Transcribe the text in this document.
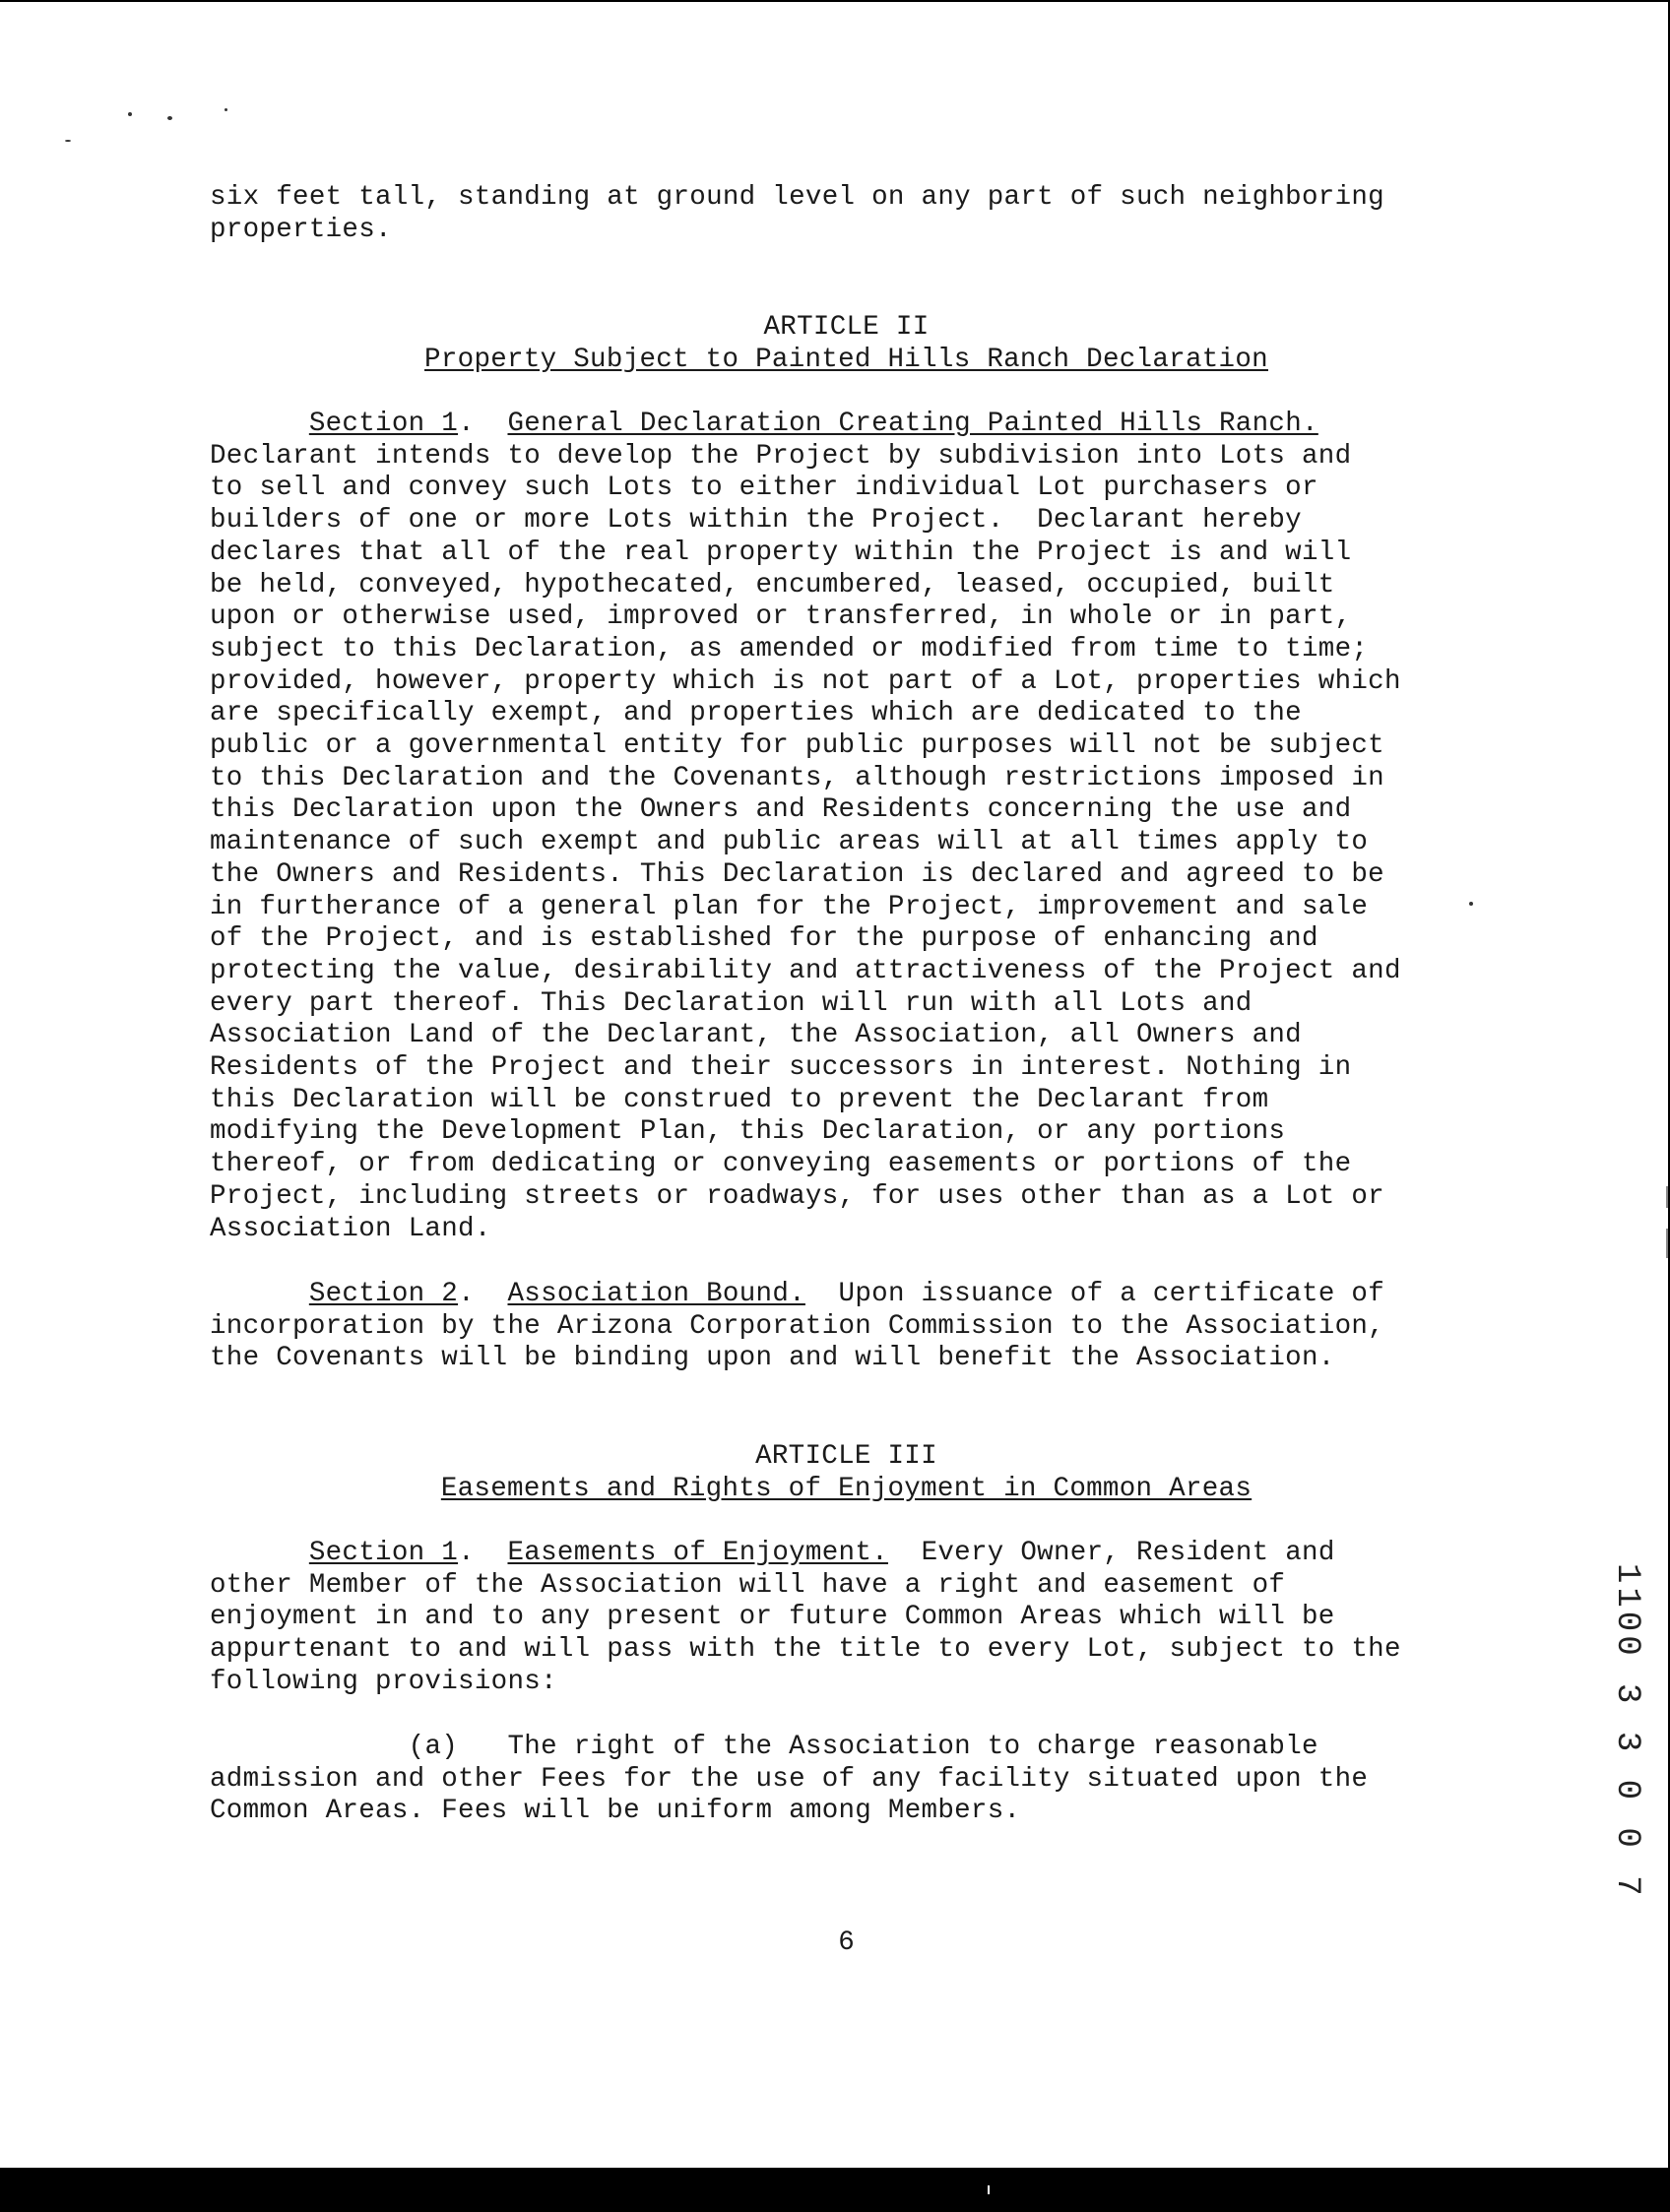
six feet tall, standing at ground level on any part of such neighboring
properties.
ARTICLE II
Property Subject to Painted Hills Ranch Declaration
Section 1.  General Declaration Creating Painted Hills Ranch.
Declarant intends to develop the Project by subdivision into Lots and
to sell and convey such Lots to either individual Lot purchasers or
builders of one or more Lots within the Project.  Declarant hereby
declares that all of the real property within the Project is and will
be held, conveyed, hypothecated, encumbered, leased, occupied, built
upon or otherwise used, improved or transferred, in whole or in part,
subject to this Declaration, as amended or modified from time to time;
provided, however, property which is not part of a Lot, properties which
are specifically exempt, and properties which are dedicated to the
public or a governmental entity for public purposes will not be subject
to this Declaration and the Covenants, although restrictions imposed in
this Declaration upon the Owners and Residents concerning the use and
maintenance of such exempt and public areas will at all times apply to
the Owners and Residents. This Declaration is declared and agreed to be
in furtherance of a general plan for the Project, improvement and sale
of the Project, and is established for the purpose of enhancing and
protecting the value, desirability and attractiveness of the Project and
every part thereof. This Declaration will run with all Lots and
Association Land of the Declarant, the Association, all Owners and
Residents of the Project and their successors in interest. Nothing in
this Declaration will be construed to prevent the Declarant from
modifying the Development Plan, this Declaration, or any portions
thereof, or from dedicating or conveying easements or portions of the
Project, including streets or roadways, for uses other than as a Lot or
Association Land.
Section 2.  Association Bound. Upon issuance of a certificate of
incorporation by the Arizona Corporation Commission to the Association,
the Covenants will be binding upon and will benefit the Association.
ARTICLE III
Easements and Rights of Enjoyment in Common Areas
Section 1.  Easements of Enjoyment. Every Owner, Resident and
other Member of the Association will have a right and easement of
enjoyment in and to any present or future Common Areas which will be
appurtenant to and will pass with the title to every Lot, subject to the
following provisions:
(a) The right of the Association to charge reasonable
admission and other Fees for the use of any facility situated upon the
Common Areas. Fees will be uniform among Members.
6
1100 3 3 0 0 7
